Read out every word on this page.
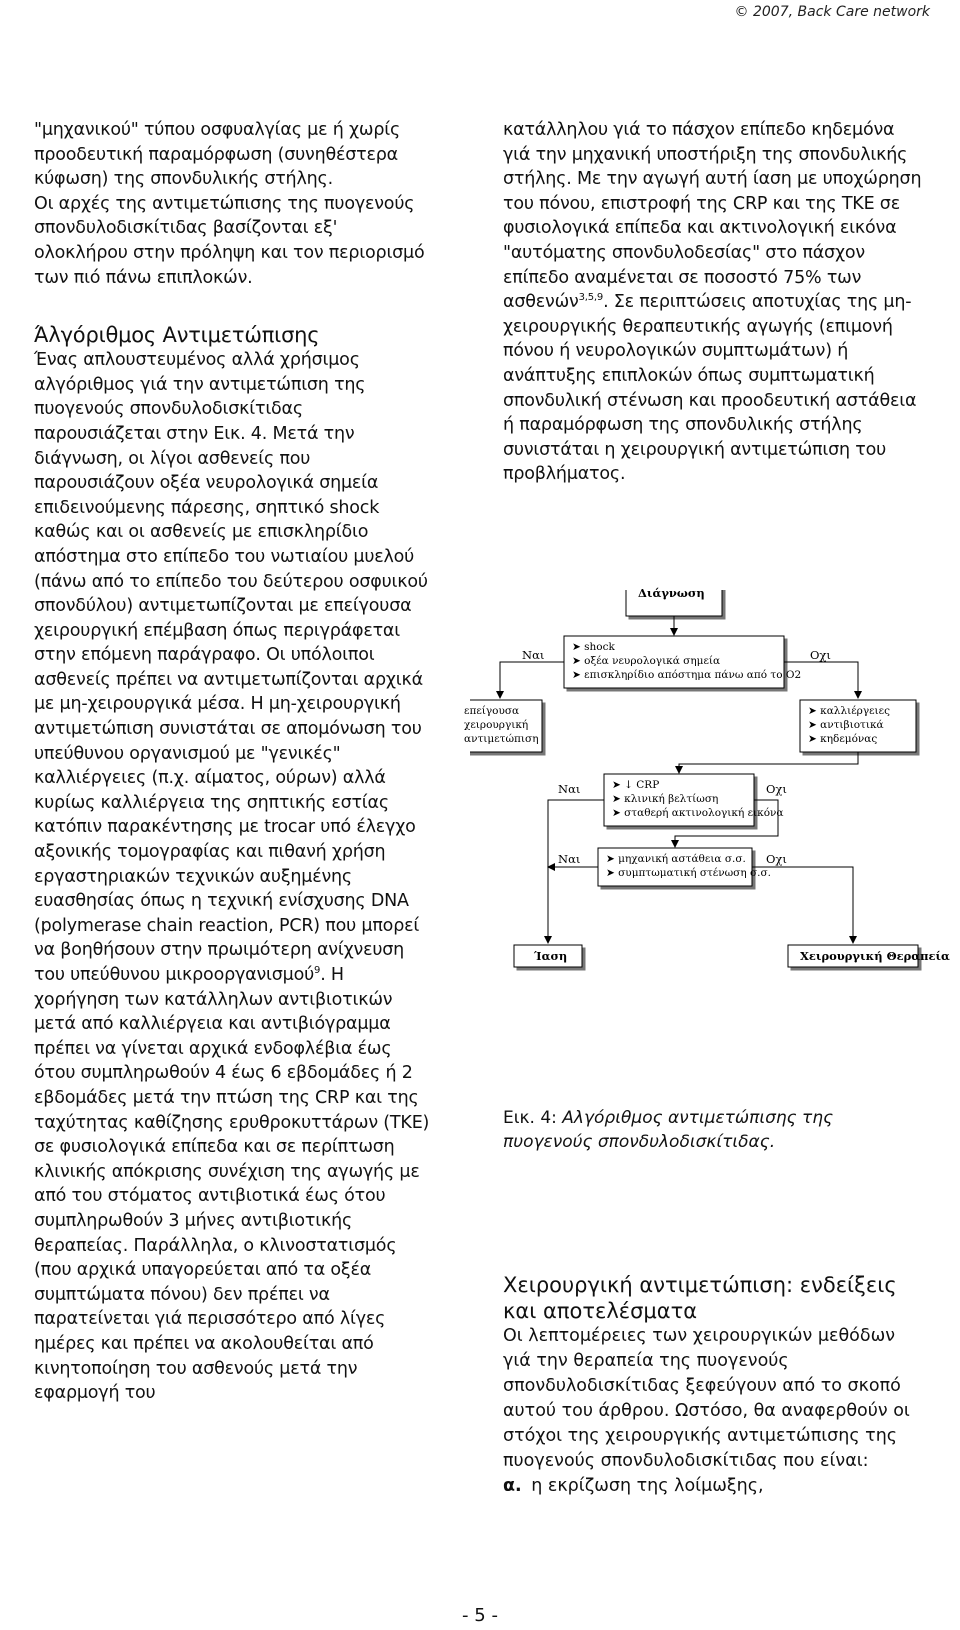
© 2007, Back Care network

"μηχανικού" τύπου οσφυαλγίας με ή χωρίς προοδευτική παραμόρφωση (συνηθέστερα κύφωση) της σπονδυλικής στήλης.

Οι αρχές της αντιμετώπισης της πυογενούς σπονδυλοδισκίτιδας βασίζονται εξ' ολοκλήρου στην πρόληψη και τον περιορισμό των πιό πάνω επιπλοκών.

Άλγόριθμος Αντιμετώπισης

Ένας απλουστευμένος αλλά χρήσιμος αλγόριθμος γιά την αντιμετώπιση της πυογενούς σπονδυλοδισκίτιδας παρουσιάζεται στην Εικ. 4. Μετά την διάγνωση, οι λίγοι ασθενείς που παρουσιάζουν οξέα νευρολογικά σημεία επιδεινούμενης πάρεσης, σηπτικό shock καθώς και οι ασθενείς με επισκληρίδιο απόστημα στο επίπεδο του νωτιαίου μυελού (πάνω από το επίπεδο του δεύτερου οσφυικού σπονδύλου) αντιμετωπίζονται με επείγουσα χειρουργική επέμβαση όπως περιγράφεται στην επόμενη παράγραφο. Οι υπόλοιποι ασθενείς πρέπει να αντιμετωπίζονται αρχικά με μη-χειρουργικά μέσα. Η μη-χειρουργική αντιμετώπιση συνιστάται σε απομόνωση του υπεύθυνου οργανισμού με "γενικές" καλλιέργειες (π.χ. αίματος, ούρων) αλλά κυρίως καλλιέργεια της σηπτικής εστίας κατόπιν παρακέντησης με trocar υπό έλεγχο αξονικής τομογραφίας και πιθανή χρήση εργαστηριακών τεχνικών αυξημένης ευασθησίας όπως η τεχνική ενίσχυσης DNA (polymerase chain reaction, PCR) που μπορεί να βοηθήσουν στην πρωιμότερη ανίχνευση του υπεύθυνου μικροοργανισμού$^9$. Η χορήγηση των κατάλληλων αντιβιοτικών μετά από καλλιέργεια και αντιβιόγραμμα πρέπει να γίνεται αρχικά ενδοφλέβια έως ότου συμπληρωθούν 4 έως 6 εβδομάδες ή 2 εβδομάδες μετά την πτώση της CRP και της ταχύτητας καθίζησης ερυθροκυττάρων (ΤΚΕ) σε φυσιολογικά επίπεδα και σε περίπτωση κλινικής απόκρισης συνέχιση της αγωγής με από του στόματος αντιβιοτικά έως ότου συμπληρωθούν 3 μήνες αντιβιοτικής θεραπείας. Παράλληλα, ο κλινοστατισμός (που αρχικά υπαγορεύεται από τα οξέα συμπτώματα πόνου) δεν πρέπει να παρατείνεται γιά περισσότερο από λίγες ημέρες και πρέπει να ακολουθείται από κινητοποίηση του ασθενούς μετά την εφαρμογή του

κατάλληλου γιά το πάσχον επίπεδο κηδεμόνα γιά την μηχανική υποστήριξη της σπονδυλικής στήλης. Με την αγωγή αυτή ίαση με υποχώρηση του πόνου, επιστροφή της CRP και της ΤΚΕ σε φυσιολογικά επίπεδα και ακτινολογική εικόνα "αυτόματης σπονδυλοδεσίας" στο πάσχον επίπεδο αναμένεται σε ποσοστό 75% των ασθενών$^{3,5,9}$. Σε περιπτώσεις αποτυχίας της μη-χειρουργικής θεραπευτικής αγωγής (επιμονή πόνου ή νευρολογικών συμπτωμάτων) ή ανάπτυξης επιπλοκών όπως συμπτωματική σπονδυλική στένωση και προοδευτική αστάθεια ή παραμόρφωση της σπονδυλικής στήλης συνιστάται η χειρουργική αντιμετώπιση του προβλήματος.

Διάγνωση
Ναι	Οχι
➤ shock
➤ οξέα νευρολογικά σημεία
➤ επισκληρίδιο απόστημα πάνω από το Ο2
επείγουσα
χειρουργική
αντιμετώπιση
➤ καλλιέργειες
➤ αντιβιοτικά
➤ κηδεμόνας
Ναι	Οχι
➤ ↓ CRP
➤ κλινική βελτίωση
➤ σταθερή ακτινολογική εικόνα
Ναι	Οχι
➤ μηχανική αστάθεια σ.σ.
➤ συμπτωματική στένωση σ.σ.
Ίαση	Χειρουργική Θεραπεία
Εικ. 4: Αλγόριθμος αντιμετώπισης της πυογενούς σπονδυλοδισκίτιδας.
Χειρουργική αντιμετώπιση: ενδείξεις και αποτελέσματα

Οι λεπτομέρειες των χειρουργικών μεθόδων γιά την θεραπεία της πυογενούς σπονδυλοδισκίτιδας ξεφεύγουν από το σκοπό αυτού του άρθρου. Ωστόσο, θα αναφερθούν οι στόχοι της χειρουργικής αντιμετώπισης της πυογενούς σπονδυλοδισκίτιδας που είναι:

α. η εκρίζωση της λοίμωξης,

- 5 -
